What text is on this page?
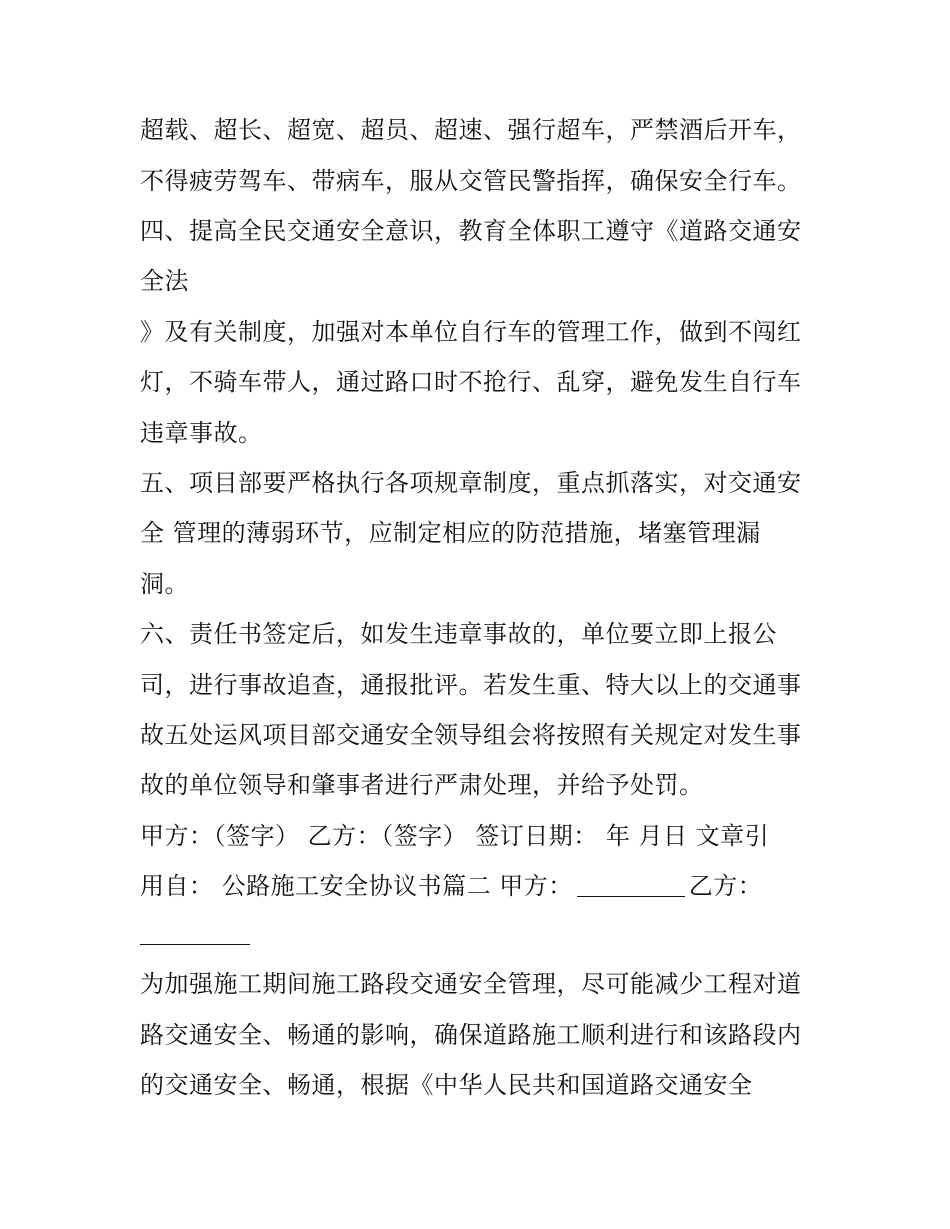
超载、超长、超宽、超员、超速、强行超车，严禁酒后开车，
不得疲劳驾车、带病车，服从交管民警指挥，确保安全行车。
四、提高全民交通安全意识，教育全体职工遵守《道路交通安
全法
》及有关制度，加强对本单位自行车的管理工作，做到不闯红
灯，不骑车带人，通过路口时不抢行、乱穿，避免发生自行车
违章事故。
五、项目部要严格执行各项规章制度，重点抓落实，对交通安
全 管理的薄弱环节，应制定相应的防范措施，堵塞管理漏
洞。
六、责任书签定后，如发生违章事故的，单位要立即上报公
司，进行事故追查，通报批评。若发生重、特大以上的交通事
故五处运风项目部交通安全领导组会将按照有关规定对发生事
故的单位领导和肇事者进行严肃处理，并给予处罚。
甲方：（签字） 乙方：（签字） 签订日期： 年 月日 文章引
用自： 公路施工安全协议书篇二 甲方：	乙方：
为加强施工期间施工路段交通安全管理，尽可能减少工程对道
路交通安全、畅通的影响，确保道路施工顺利进行和该路段内
的交通安全、畅通，根据《中华人民共和国道路交通安全
